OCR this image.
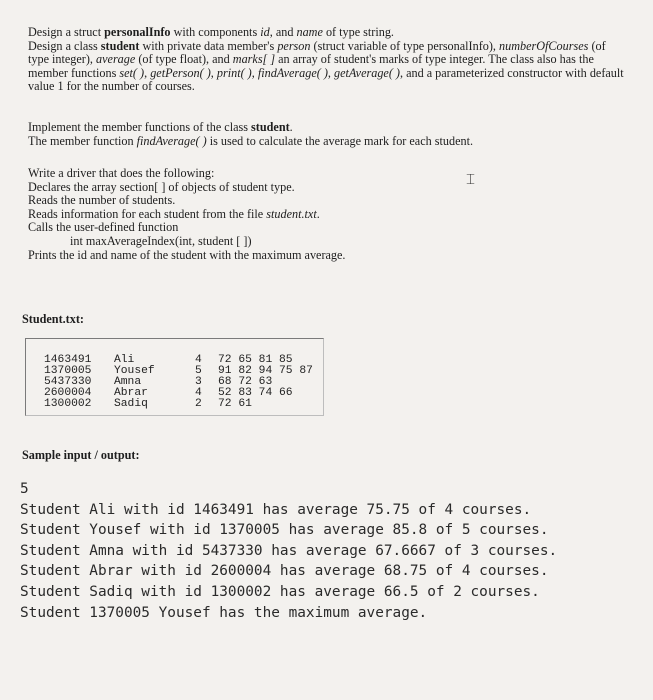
Design a struct personalInfo with components id, and name of type string.
Design a class student with private data member's person (struct variable of type personalInfo), numberOfCourses (of type integer), average (of type float), and marks[ ] an array of student's marks of type integer. The class also has the member functions set( ), getPerson( ), print( ), findAverage( ), getAverage( ), and a parameterized constructor with default value 1 for the number of courses.
Implement the member functions of the class student.
The member function findAverage( ) is used to calculate the average mark for each student.
Write a driver that does the following:
Declares the array section[ ] of objects of student type.
Reads the number of students.
Reads information for each student from the file student.txt.
Calls the user-defined function
int maxAverageIndex(int, student [ ])
Prints the id and name of the student with the maximum average.
⌶
Student.txt:

1463491 Ali	4 72 65 81 85

1370005 Yousef	5 91 82 94 75 87

5437330 Amna	3 68 72 63

2600004 Abrar	4 52 83 74 66

1300002 Sadiq	2 72 61

Sample input / output:
5
Student Ali with id 1463491 has average 75.75 of 4 courses.
Student Yousef with id 1370005 has average 85.8 of 5 courses.
Student Amna with id 5437330 has average 67.6667 of 3 courses.
Student Abrar with id 2600004 has average 68.75 of 4 courses.
Student Sadiq with id 1300002 has average 66.5 of 2 courses.
Student 1370005 Yousef has the maximum average.
